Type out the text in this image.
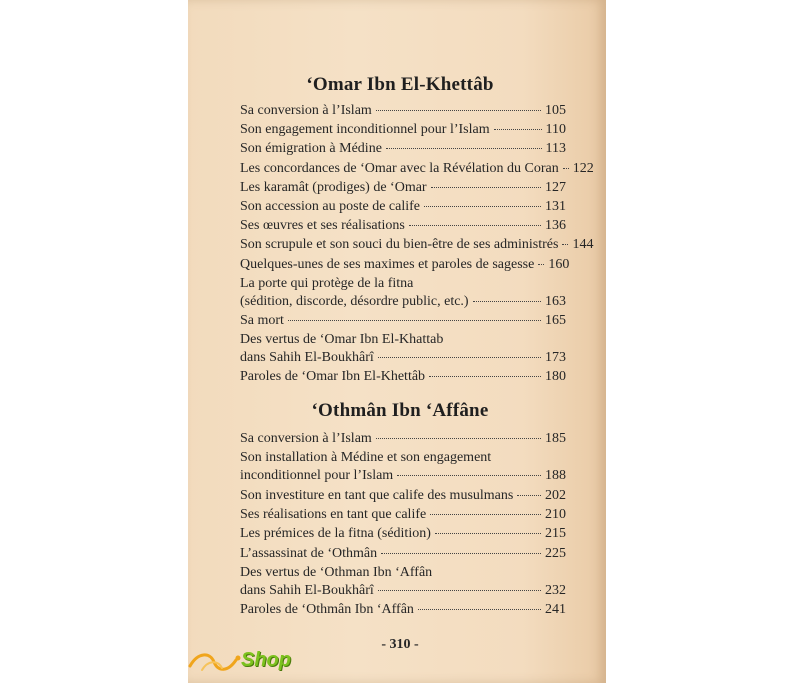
‘Omar Ibn El-Khettâb
Sa conversion à l’Islam	105
Son engagement inconditionnel pour l’Islam	110
Son émigration à Médine	113
Les concordances de ‘Omar avec la Révélation du Coran 122
Les karamât (prodiges) de ‘Omar	127
Son accession au poste de calife	131
Ses œuvres et ses réalisations	136
Son scrupule et son souci du bien-être de ses administrés 144
Quelques-unes de ses maximes et paroles de sagesse 160
La porte qui protège de la fitna
(sédition, discorde, désordre public, etc.)	163
Sa mort	165
Des vertus de ‘Omar Ibn El-Khattab
dans Sahih El-Boukhârî	173
Paroles de ‘Omar Ibn El-Khettâb	180
‘Othmân Ibn ‘Affâne
Sa conversion à l’Islam	185
Son installation à Médine et son engagement
inconditionnel pour l’Islam	188
Son investiture en tant que calife des musulmans 202
Ses réalisations en tant que calife	210
Les prémices de la fitna (sédition)	215
L’assassinat de ‘Othmân	225
Des vertus de ‘Othman Ibn ‘Affân
dans Sahih El-Boukhârî	232
Paroles de ‘Othmân Ibn ‘Affân	241
- 310 -
Shop
